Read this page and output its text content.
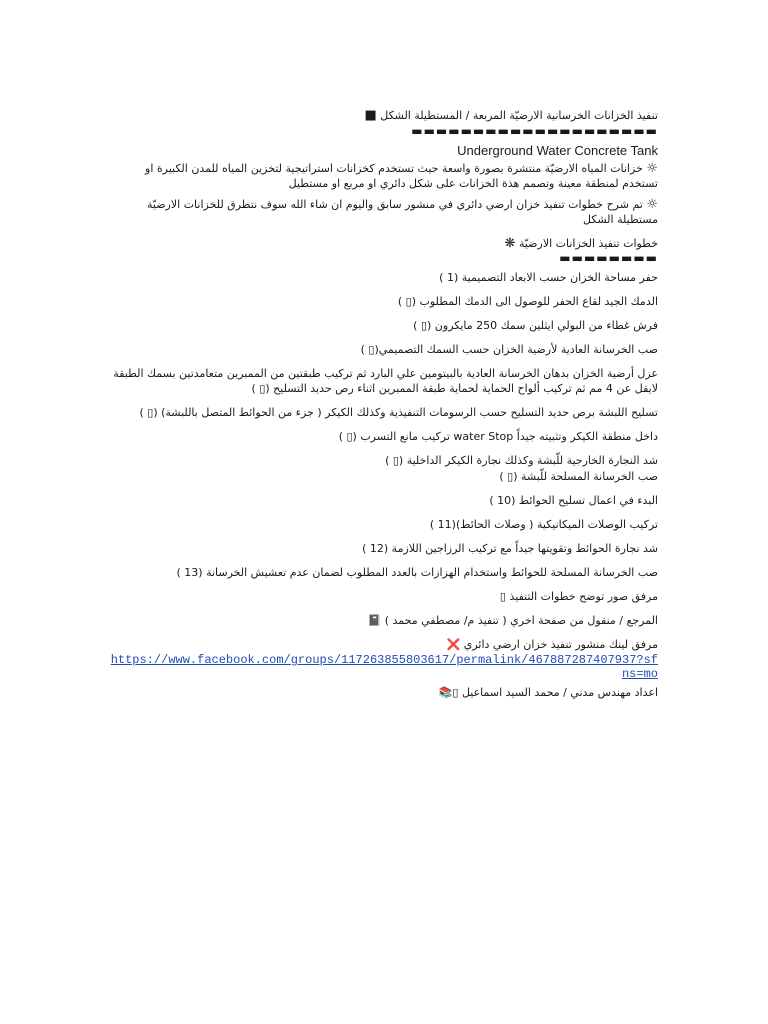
تنفيذ الخزانات الخرسانية الارضيّة المربعة / المستطيلة الشكل ■

▬▬▬▬▬▬▬▬▬▬▬▬▬▬▬▬▬▬▬▬

Underground Water Concrete Tank

☼ خزانات المياه الارضيّة منتشرة بصورة واسعة حيث تستخدم كخزانات استراتيجية لتخزين المياه للمدن الكبيرة او تستخدم لمنطقة معينة وتصمم هذة الخزانات على شكل دائري او مربع او مستطيل

☼ تم شرح خطوات تنفيذ خزان ارضي دائري في منشور سابق واليوم ان شاء الله سوف نتطرق للخزانات الارضيّة مستطيلة الشكل

خطوات تنفيذ الخزانات الارضيّة ❋

▬▬▬▬▬▬▬▬

حفر مساحة الخزان حسب الابعاد التصميمية (1 )

الدمك الجيد لقاع الحفر للوصول الى الدمك المطلوب (▯ )

فرش غطاء من البولي ايثلين سمك 250 مايكرون (▯ )

صب الخرسانة العادية لأرضية الخزان حسب السمك التصميمي(▯ )

عزل أرضية الخزان بدهان الخرسانة العادية بالبيتومين علي البارد ثم تركيب طبقتين من الممبرين متعامدتين بسمك الطبقة لايقل عن 4 مم ثم تركيب ألواح الحماية لحماية طبقة الممبرين اثناء رص حديد التسليح (▯ )

تسليح اللبشة برص حديد التسليح حسب الرسومات التنفيذية وكذلك الكيكر ( جزء من الحوائط المتصل باللبشة) (▯ )

داخل منطقة الكيكر وتثبيته جيداً water Stop تركيب مانع التسرب (▯ )

شد النجارة الخارجية للّبشة وكذلك نجارة الكيكر الداخلية (▯ )

صب الخرسانة المسلحة للّبشة (▯ )

البدء في اعمال تسليح الحوائط (10 )

تركيب الوصلات الميكانيكية ( وصلات الحائط)(11 )

شد نجارة الحوائط وتقويتها جيداً مع تركيب الرزاجين اللازمة (12 )

صب الخرسانة المسلحة للحوائط واستخدام الهزازات بالعدد المطلوب لضمان عدم تعشيش الخرسانة (13 )

مرفق صور توضح خطوات التنفيذ ▯

المرجع / منقول من صفحة اخري ( تنفيذ م/ مصطفي محمد ) 📓

مرفق لينك منشور تنفيذ خزان ارضي دائري ❌

https://www.facebook.com/groups/117263855803617/permalink/467887287407937?sfns=mo

اعداد مهندس مدني / محمد السيد اسماعيل ▯📚
